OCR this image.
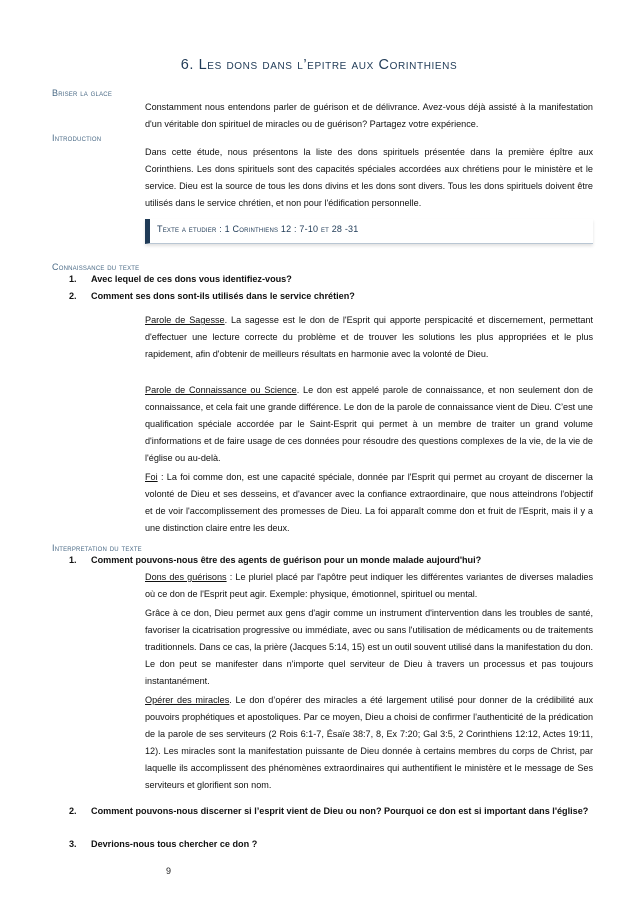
6. Les dons dans l’epitre aux Corinthiens
Briser la glace
Constamment nous entendons parler de guérison et de délivrance. Avez-vous déjà assisté à la manifestation d'un véritable don spirituel de miracles ou de guérison? Partagez votre expérience.
Introduction
Dans cette étude, nous présentons la liste des dons spirituels présentée dans la première épître aux Corinthiens. Les dons spirituels sont des capacités spéciales accordées aux chrétiens pour le ministère et le service. Dieu est la source de tous les dons divins et les dons sont divers. Tous les dons spirituels doivent être utilisés dans le service chrétien, et non pour l'édification personnelle.
Texte a etudier : 1 Corinthiens 12 : 7-10 et 28 -31
Connaissance du texte
1. Avec lequel de ces dons vous identifiez-vous?
2. Comment ses dons sont-ils utilisés dans le service chrétien?
Parole de Sagesse. La sagesse est le don de l'Esprit qui apporte perspicacité et discernement, permettant d'effectuer une lecture correcte du problème et de trouver les solutions les plus appropriées et le plus rapidement, afin d'obtenir de meilleurs résultats en harmonie avec la volonté de Dieu.
Parole de Connaissance ou Science. Le don est appelé parole de connaissance, et non seulement don de connaissance, et cela fait une grande différence. Le don de la parole de connaissance vient de Dieu. C’est une qualification spéciale accordée par le Saint-Esprit qui permet à un membre de traiter un grand volume d'informations et de faire usage de ces données pour résoudre des questions complexes de la vie, de la vie de l'église ou au-delà.
Foi : La foi comme don, est une capacité spéciale, donnée par l'Esprit qui permet au croyant de discerner la volonté de Dieu et ses desseins, et d'avancer avec la confiance extraordinaire, que nous atteindrons l'objectif et de voir l'accomplissement des promesses de Dieu. La foi apparaît comme don et fruit de l'Esprit, mais il y a une distinction claire entre les deux.
Interpretation du texte
1. Comment pouvons-nous être des agents de guérison pour un monde malade aujourd'hui?
Dons des guérisons : Le pluriel placé par l'apôtre peut indiquer les différentes variantes de diverses maladies où ce don de l'Esprit peut agir. Exemple: physique, émotionnel, spirituel ou mental.
Grâce à ce don, Dieu permet aux gens d'agir comme un instrument d'intervention dans les troubles de santé, favoriser la cicatrisation progressive ou immédiate, avec ou sans l'utilisation de médicaments ou de traitements traditionnels. Dans ce cas, la prière (Jacques 5:14, 15) est un outil souvent utilisé dans la manifestation du don. Le don peut se manifester dans n'importe quel serviteur de Dieu à travers un processus et pas toujours instantanément.
Opérer des miracles. Le don d’opérer des miracles a été largement utilisé pour donner de la crédibilité aux pouvoirs prophétiques et apostoliques. Par ce moyen, Dieu a choisi de confirmer l'authenticité de la prédication de la parole de ses serviteurs (2 Rois 6:1-7, Ésaïe 38:7, 8, Ex 7:20; Gal 3:5, 2 Corinthiens 12:12, Actes 19:11, 12). Les miracles sont la manifestation puissante de Dieu donnée à certains membres du corps de Christ, par laquelle ils accomplissent des phénomènes extraordinaires qui authentifient le ministère et le message de Ses serviteurs et glorifient son nom.
2. Comment pouvons-nous discerner si l’esprit vient de Dieu ou non? Pourquoi ce don est si important dans l'église?
3. Devrions-nous tous chercher ce don ?
9
